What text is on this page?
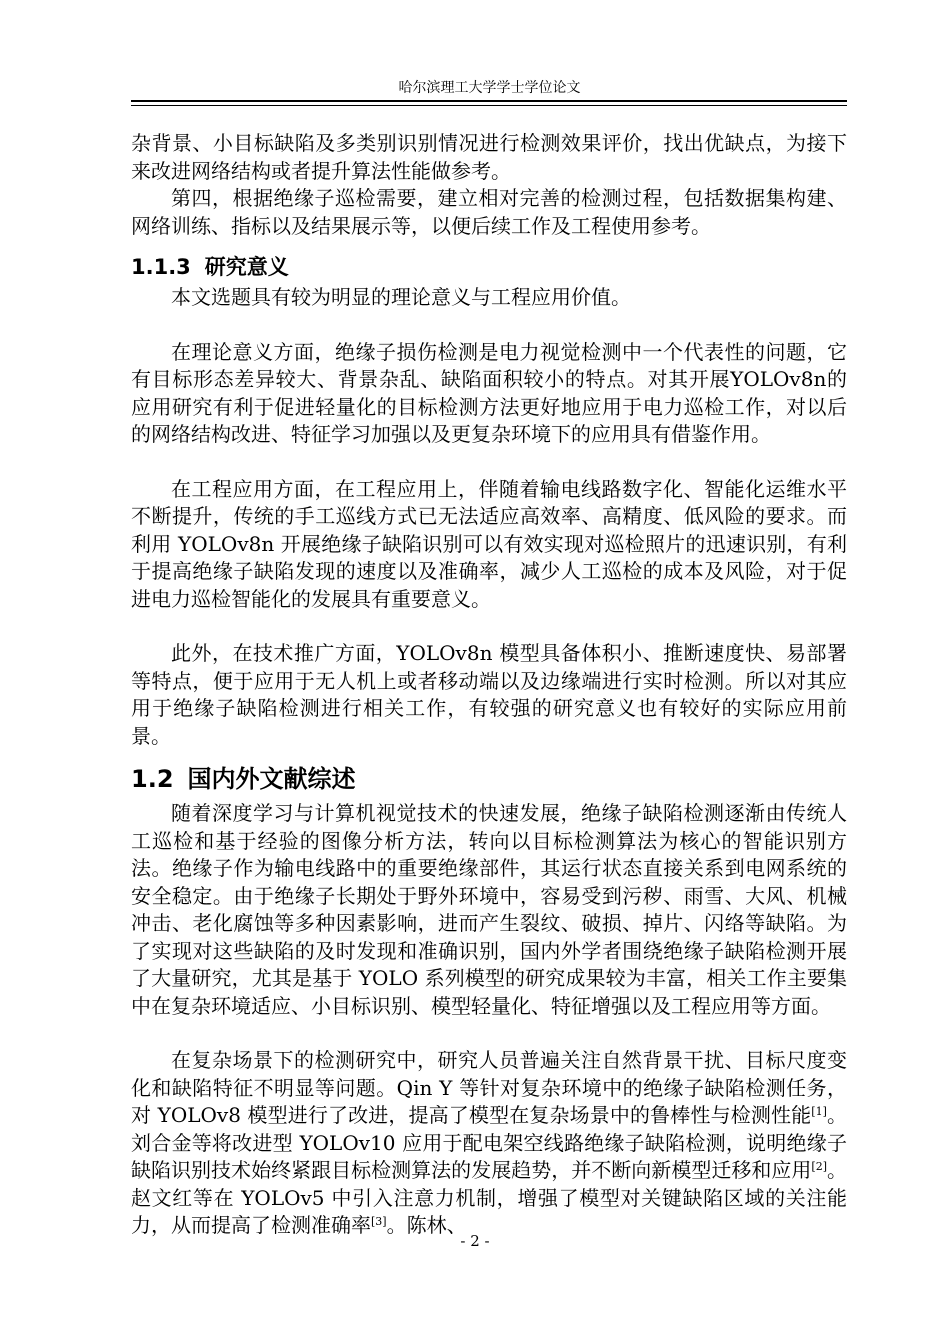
哈尔滨理工大学学士学位论文

杂背景、小目标缺陷及多类别识别情况进行检测效果评价，找出优缺点，为接下来改进网络结构或者提升算法性能做参考。

第四，根据绝缘子巡检需要，建立相对完善的检测过程，包括数据集构建、网络训练、指标以及结果展示等，以便后续工作及工程使用参考。

1.1.3 研究意义

本文选题具有较为明显的理论意义与工程应用价值。

在理论意义方面，绝缘子损伤检测是电力视觉检测中一个代表性的问题，它有目标形态差异较大、背景杂乱、缺陷面积较小的特点。对其开展YOLOv8n的应用研究有利于促进轻量化的目标检测方法更好地应用于电力巡检工作，对以后的网络结构改进、特征学习加强以及更复杂环境下的应用具有借鉴作用。

在工程应用方面，在工程应用上，伴随着输电线路数字化、智能化运维水平不断提升，传统的手工巡线方式已无法适应高效率、高精度、低风险的要求。而利用 YOLOv8n 开展绝缘子缺陷识别可以有效实现对巡检照片的迅速识别，有利于提高绝缘子缺陷发现的速度以及准确率，减少人工巡检的成本及风险，对于促进电力巡检智能化的发展具有重要意义。

此外，在技术推广方面，YOLOv8n 模型具备体积小、推断速度快、易部署等特点，便于应用于无人机上或者移动端以及边缘端进行实时检测。所以对其应用于绝缘子缺陷检测进行相关工作，有较强的研究意义也有较好的实际应用前景。

1.2 国内外文献综述

随着深度学习与计算机视觉技术的快速发展，绝缘子缺陷检测逐渐由传统人工巡检和基于经验的图像分析方法，转向以目标检测算法为核心的智能识别方法。绝缘子作为输电线路中的重要绝缘部件，其运行状态直接关系到电网系统的安全稳定。由于绝缘子长期处于野外环境中，容易受到污秽、雨雪、大风、机械冲击、老化腐蚀等多种因素影响，进而产生裂纹、破损、掉片、闪络等缺陷。为了实现对这些缺陷的及时发现和准确识别，国内外学者围绕绝缘子缺陷检测开展了大量研究，尤其是基于 YOLO 系列模型的研究成果较为丰富，相关工作主要集中在复杂环境适应、小目标识别、模型轻量化、特征增强以及工程应用等方面。

在复杂场景下的检测研究中，研究人员普遍关注自然背景干扰、目标尺度变化和缺陷特征不明显等问题。Qin Y 等针对复杂环境中的绝缘子缺陷检测任务，对 YOLOv8 模型进行了改进，提高了模型在复杂场景中的鲁棒性与检测性能[1]。刘合金等将改进型 YOLOv10 应用于配电架空线路绝缘子缺陷检测，说明绝缘子缺陷识别技术始终紧跟目标检测算法的发展趋势，并不断向新模型迁移和应用[2]。赵文红等在 YOLOv5 中引入注意力机制，增强了模型对关键缺陷区域的关注能力，从而提高了检测准确率[3]。陈林、

- 2 -
